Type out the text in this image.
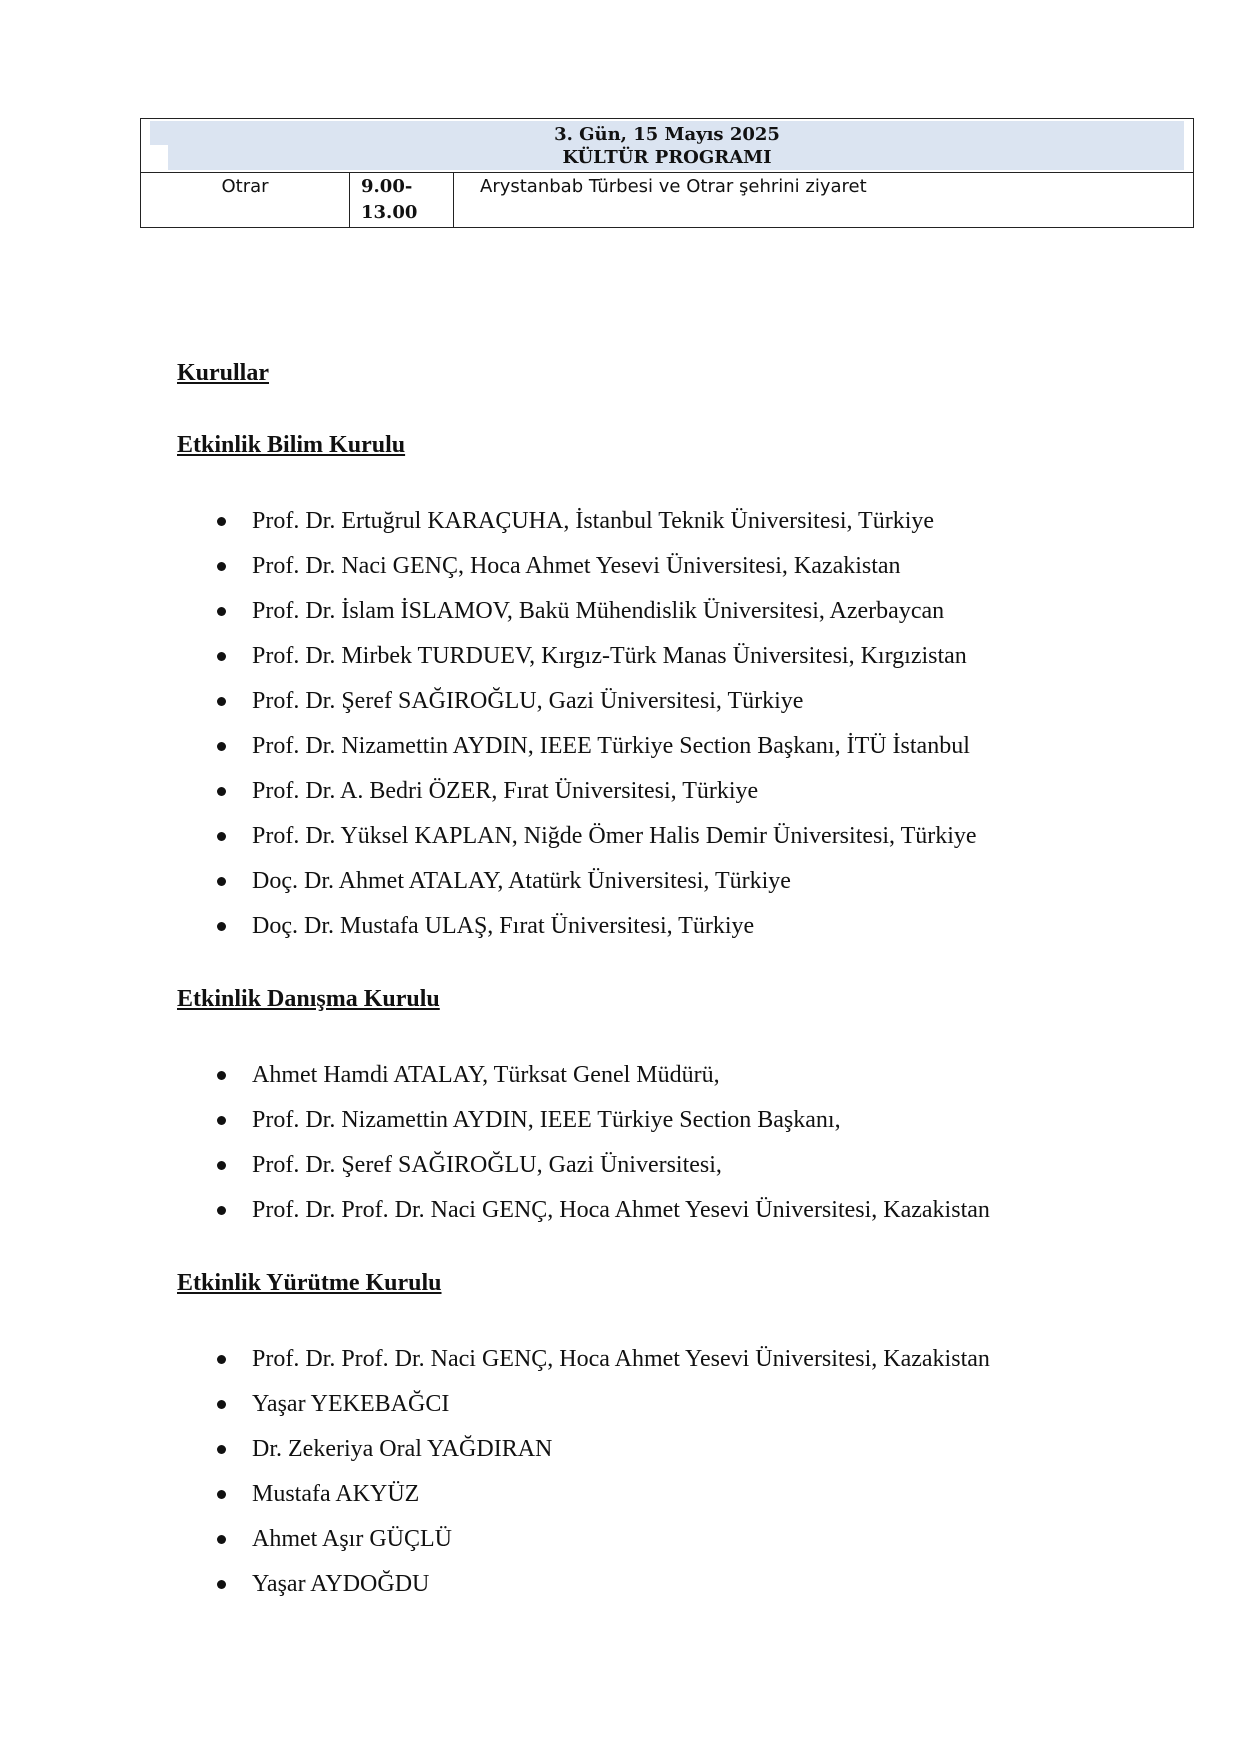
3. Gün, 15 Mayıs 2025
KÜLTÜR PROGRAMI
Otrar	9.00-
13.00
Arystanbab Türbesi ve Otrar şehrini ziyaret
Kurullar
Etkinlik Bilim Kurulu
Prof. Dr. Ertuğrul KARAÇUHA, İstanbul Teknik Üniversitesi, Türkiye
Prof. Dr. Naci GENÇ, Hoca Ahmet Yesevi Üniversitesi, Kazakistan
Prof. Dr. İslam İSLAMOV, Bakü Mühendislik Üniversitesi, Azerbaycan
Prof. Dr. Mirbek TURDUEV, Kırgız-Türk Manas Üniversitesi, Kırgızistan
Prof. Dr. Şeref SAĞIROĞLU, Gazi Üniversitesi, Türkiye
Prof. Dr. Nizamettin AYDIN, IEEE Türkiye Section Başkanı, İTÜ İstanbul
Prof. Dr. A. Bedri ÖZER, Fırat Üniversitesi, Türkiye
Prof. Dr. Yüksel KAPLAN, Niğde Ömer Halis Demir Üniversitesi, Türkiye
Doç. Dr. Ahmet ATALAY, Atatürk Üniversitesi, Türkiye
Doç. Dr. Mustafa ULAŞ, Fırat Üniversitesi, Türkiye
Etkinlik Danışma Kurulu
Ahmet Hamdi ATALAY, Türksat Genel Müdürü,
Prof. Dr. Nizamettin AYDIN, IEEE Türkiye Section Başkanı,
Prof. Dr. Şeref SAĞIROĞLU, Gazi Üniversitesi,
Prof. Dr. Prof. Dr. Naci GENÇ, Hoca Ahmet Yesevi Üniversitesi, Kazakistan
Etkinlik Yürütme Kurulu
Prof. Dr. Prof. Dr. Naci GENÇ, Hoca Ahmet Yesevi Üniversitesi, Kazakistan
Yaşar YEKEBAĞCI
Dr. Zekeriya Oral YAĞDIRAN
Mustafa AKYÜZ
Ahmet Aşır GÜÇLÜ
Yaşar AYDOĞDU
